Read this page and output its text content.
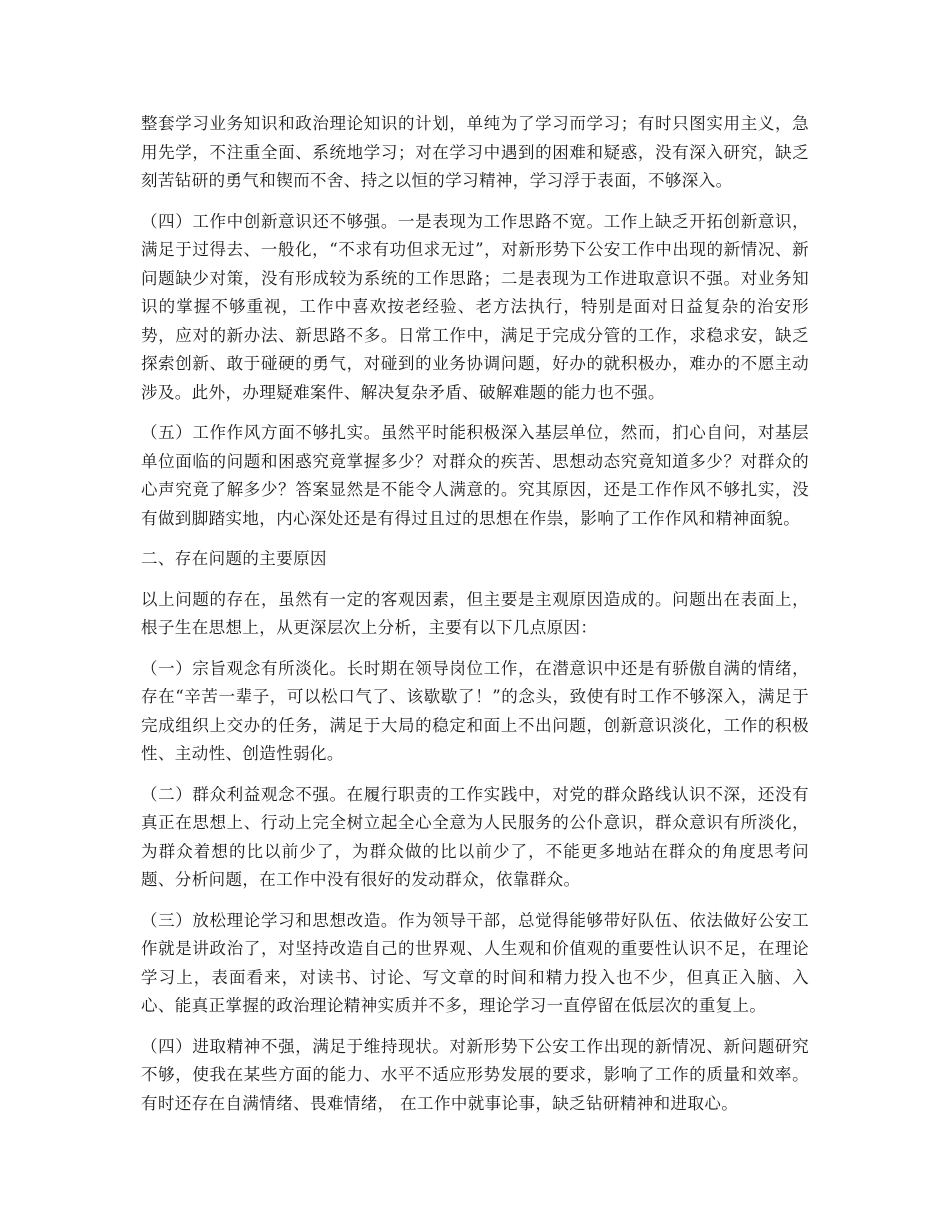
整套学习业务知识和政治理论知识的计划，单纯为了学习而学习；有时只图实用主义，急用先学，不注重全面、系统地学习；对在学习中遇到的困难和疑惑，没有深入研究，缺乏刻苦钻研的勇气和锲而不舍、持之以恒的学习精神，学习浮于表面，不够深入。

（四）工作中创新意识还不够强。一是表现为工作思路不宽。工作上缺乏开拓创新意识，满足于过得去、一般化，“不求有功但求无过”，对新形势下公安工作中出现的新情况、新问题缺少对策，没有形成较为系统的工作思路；二是表现为工作进取意识不强。对业务知识的掌握不够重视，工作中喜欢按老经验、老方法执行，特别是面对日益复杂的治安形势，应对的新办法、新思路不多。日常工作中，满足于完成分管的工作，求稳求安，缺乏探索创新、敢于碰硬的勇气，对碰到的业务协调问题，好办的就积极办，难办的不愿主动涉及。此外，办理疑难案件、解决复杂矛盾、破解难题的能力也不强。

（五）工作作风方面不够扎实。虽然平时能积极深入基层单位，然而，扪心自问，对基层单位面临的问题和困惑究竟掌握多少？对群众的疾苦、思想动态究竟知道多少？对群众的心声究竟了解多少？答案显然是不能令人满意的。究其原因，还是工作作风不够扎实，没有做到脚踏实地，内心深处还是有得过且过的思想在作祟，影响了工作作风和精神面貌。

二、存在问题的主要原因

以上问题的存在，虽然有一定的客观因素，但主要是主观原因造成的。问题出在表面上，根子生在思想上，从更深层次上分析，主要有以下几点原因：

（一）宗旨观念有所淡化。长时期在领导岗位工作，在潜意识中还是有骄傲自满的情绪，存在“辛苦一辈子，可以松口气了、该歇歇了！”的念头，致使有时工作不够深入，满足于完成组织上交办的任务，满足于大局的稳定和面上不出问题，创新意识淡化，工作的积极性、主动性、创造性弱化。

（二）群众利益观念不强。在履行职责的工作实践中，对党的群众路线认识不深，还没有真正在思想上、行动上完全树立起全心全意为人民服务的公仆意识，群众意识有所淡化，为群众着想的比以前少了，为群众做的比以前少了，不能更多地站在群众的角度思考问题、分析问题，在工作中没有很好的发动群众，依靠群众。

（三）放松理论学习和思想改造。作为领导干部，总觉得能够带好队伍、依法做好公安工作就是讲政治了，对坚持改造自己的世界观、人生观和价值观的重要性认识不足，在理论学习上，表面看来，对读书、讨论、写文章的时间和精力投入也不少，但真正入脑、入心、能真正掌握的政治理论精神实质并不多，理论学习一直停留在低层次的重复上。

（四）进取精神不强，满足于维持现状。对新形势下公安工作出现的新情况、新问题研究不够，使我在某些方面的能力、水平不适应形势发展的要求，影响了工作的质量和效率。有时还存在自满情绪、畏难情绪， 在工作中就事论事，缺乏钻研精神和进取心。
